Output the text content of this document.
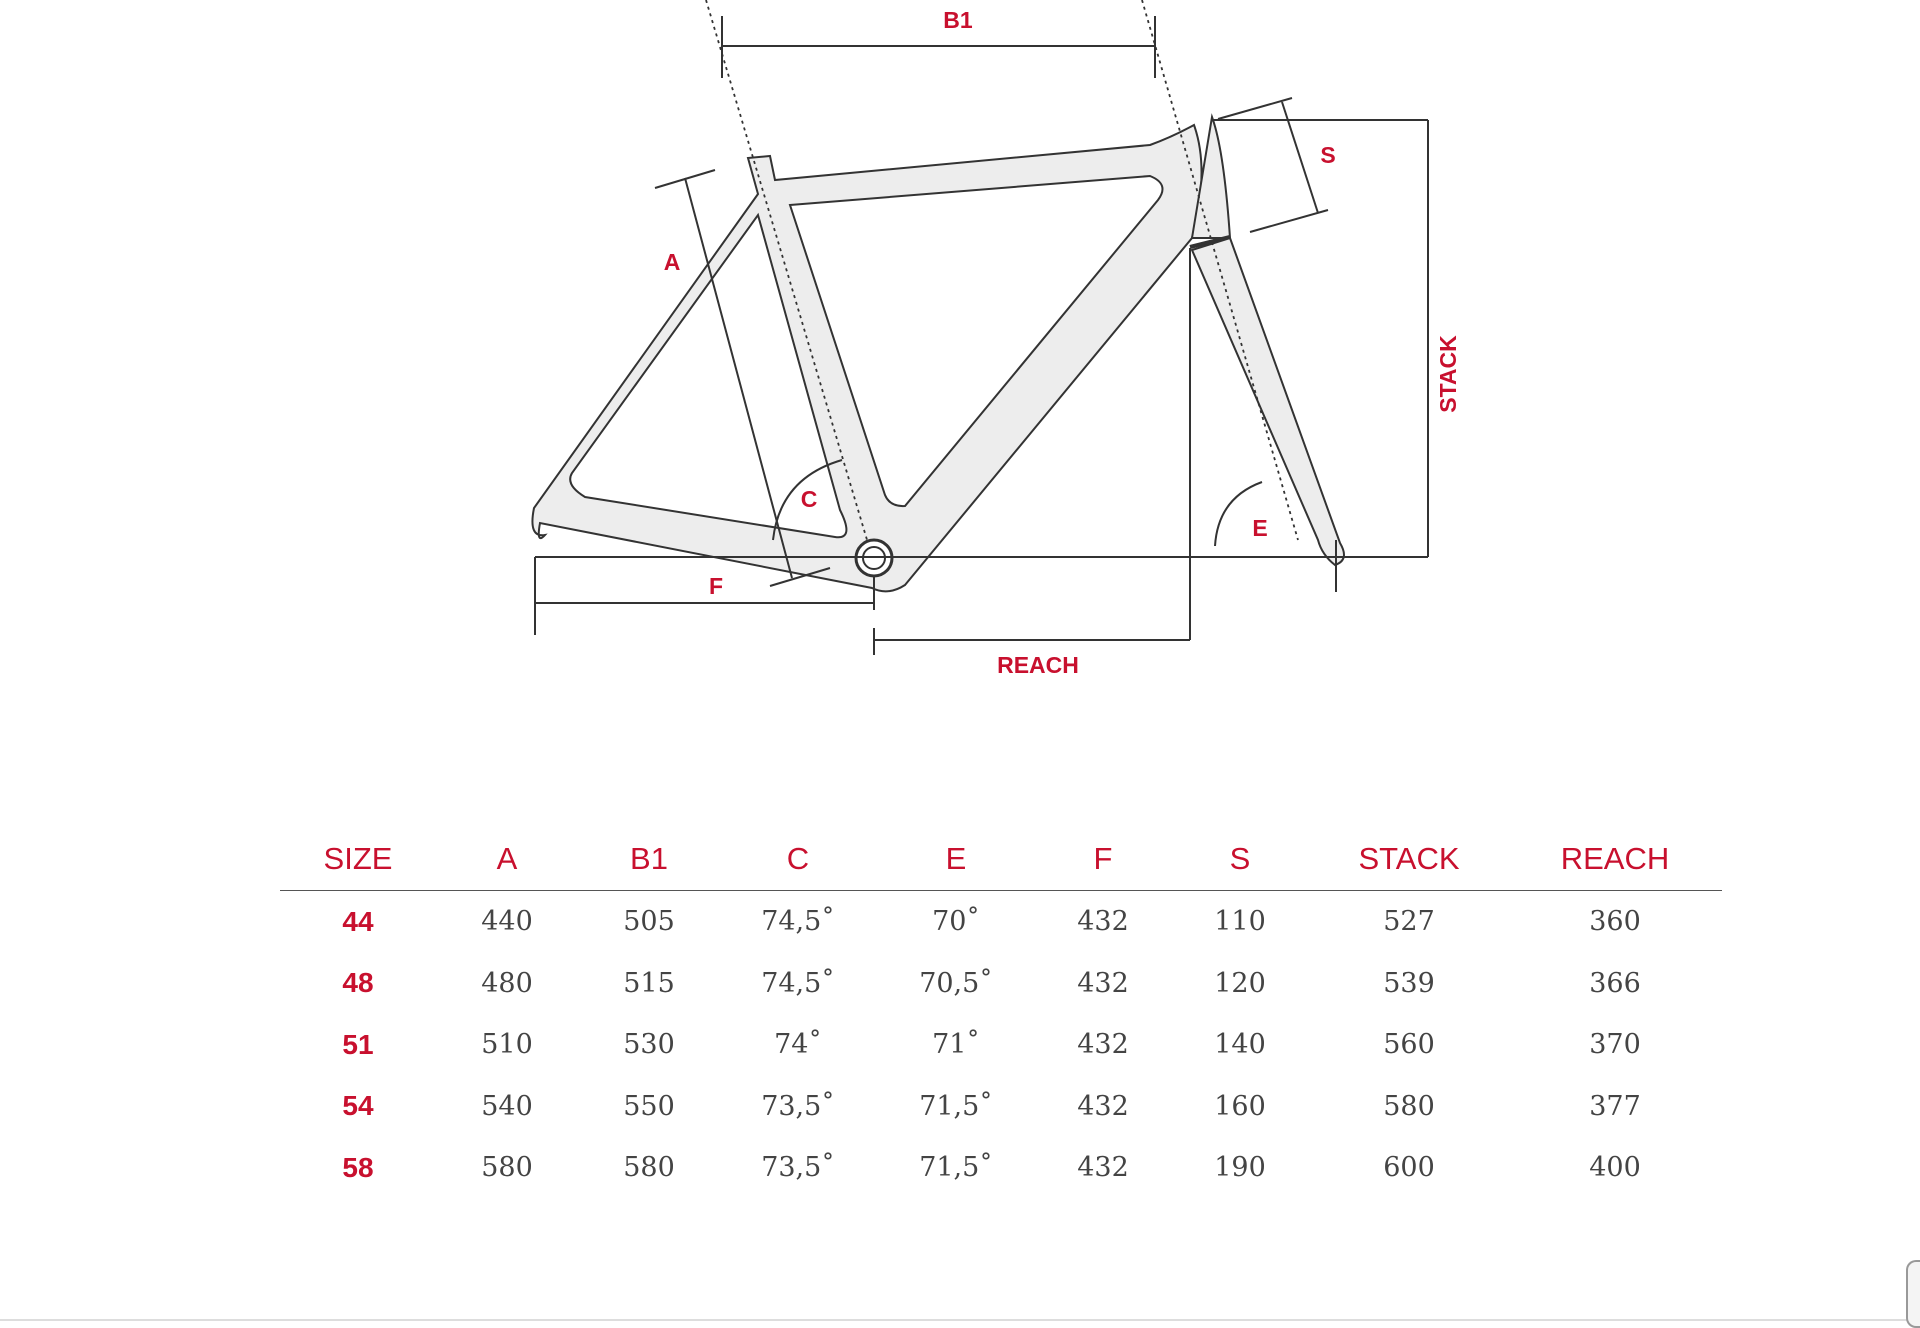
B1
A
C
F
REACH
STACK
S
E
SIZE	A	B1	C	E	F	S	STACK	REACH
44	440	505	74,5˚	70˚	432	110	527	360
48	480	515	74,5˚	70,5˚	432	120	539	366
51	510	530	74˚	71˚	432	140	560	370
54	540	550	73,5˚	71,5˚	432	160	580	377
58	580	580	73,5˚	71,5˚	432	190	600	400
